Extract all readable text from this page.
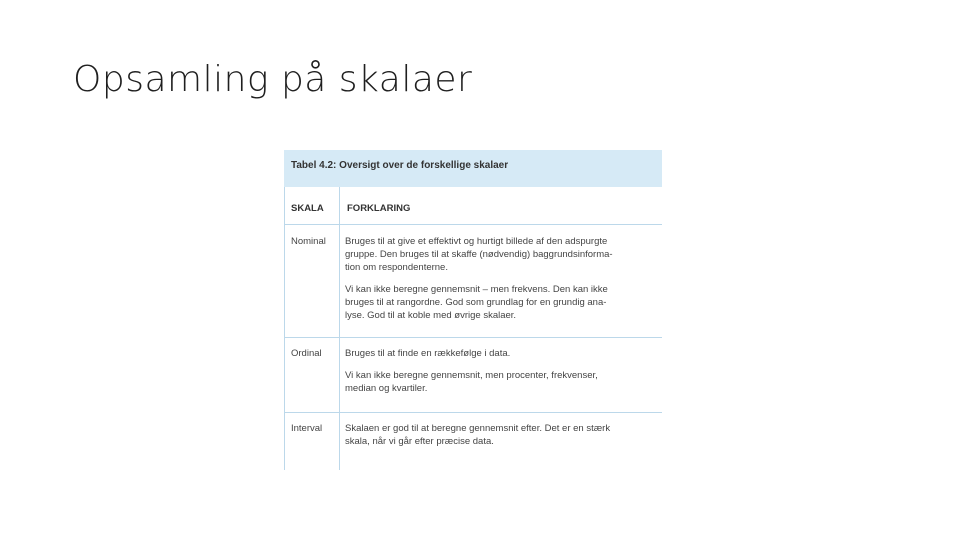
Opsamling på skalaer
Tabel 4.2: Oversigt over de forskellige skalaer
SKALA FORKLARING
Nominal Bruges til at give et effektivt og hurtigt billede af den adspurgte
gruppe. Den bruges til at skaffe (nødvendig) baggrundsinforma-
tion om respondenterne.
Vi kan ikke beregne gennemsnit – men frekvens. Den kan ikke
bruges til at rangordne. God som grundlag for en grundig ana-
lyse. God til at koble med øvrige skalaer.
Ordinal Bruges til at finde en rækkefølge i data.
Vi kan ikke beregne gennemsnit, men procenter, frekvenser,
median og kvartiler.
Interval Skalaen er god til at beregne gennemsnit efter. Det er en stærk
skala, når vi går efter præcise data.
